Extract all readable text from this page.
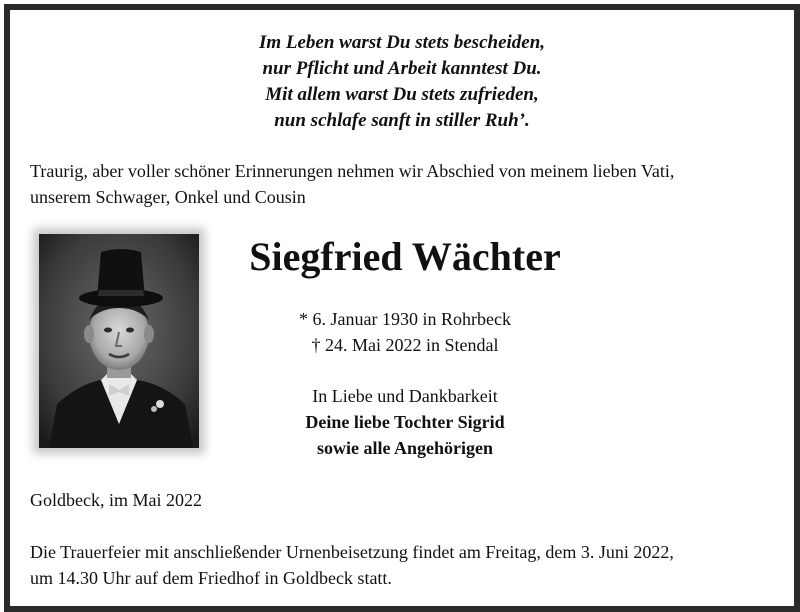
Im Leben warst Du stets bescheiden,
nur Pflicht und Arbeit kanntest Du.
Mit allem warst Du stets zufrieden,
nun schlafe sanft in stiller Ruh’.
Traurig, aber voller schöner Erinnerungen nehmen wir Abschied von meinem lieben Vati,
unserem Schwager, Onkel und Cousin
Siegfried Wächter
* 6. Januar 1930 in Rohrbeck
† 24. Mai 2022 in Stendal
In Liebe und Dankbarkeit
Deine liebe Tochter Sigrid
sowie alle Angehörigen
Goldbeck, im Mai 2022
Die Trauerfeier mit anschließender Urnenbeisetzung findet am Freitag, dem 3. Juni 2022,
um 14.30 Uhr auf dem Friedhof in Goldbeck statt.
